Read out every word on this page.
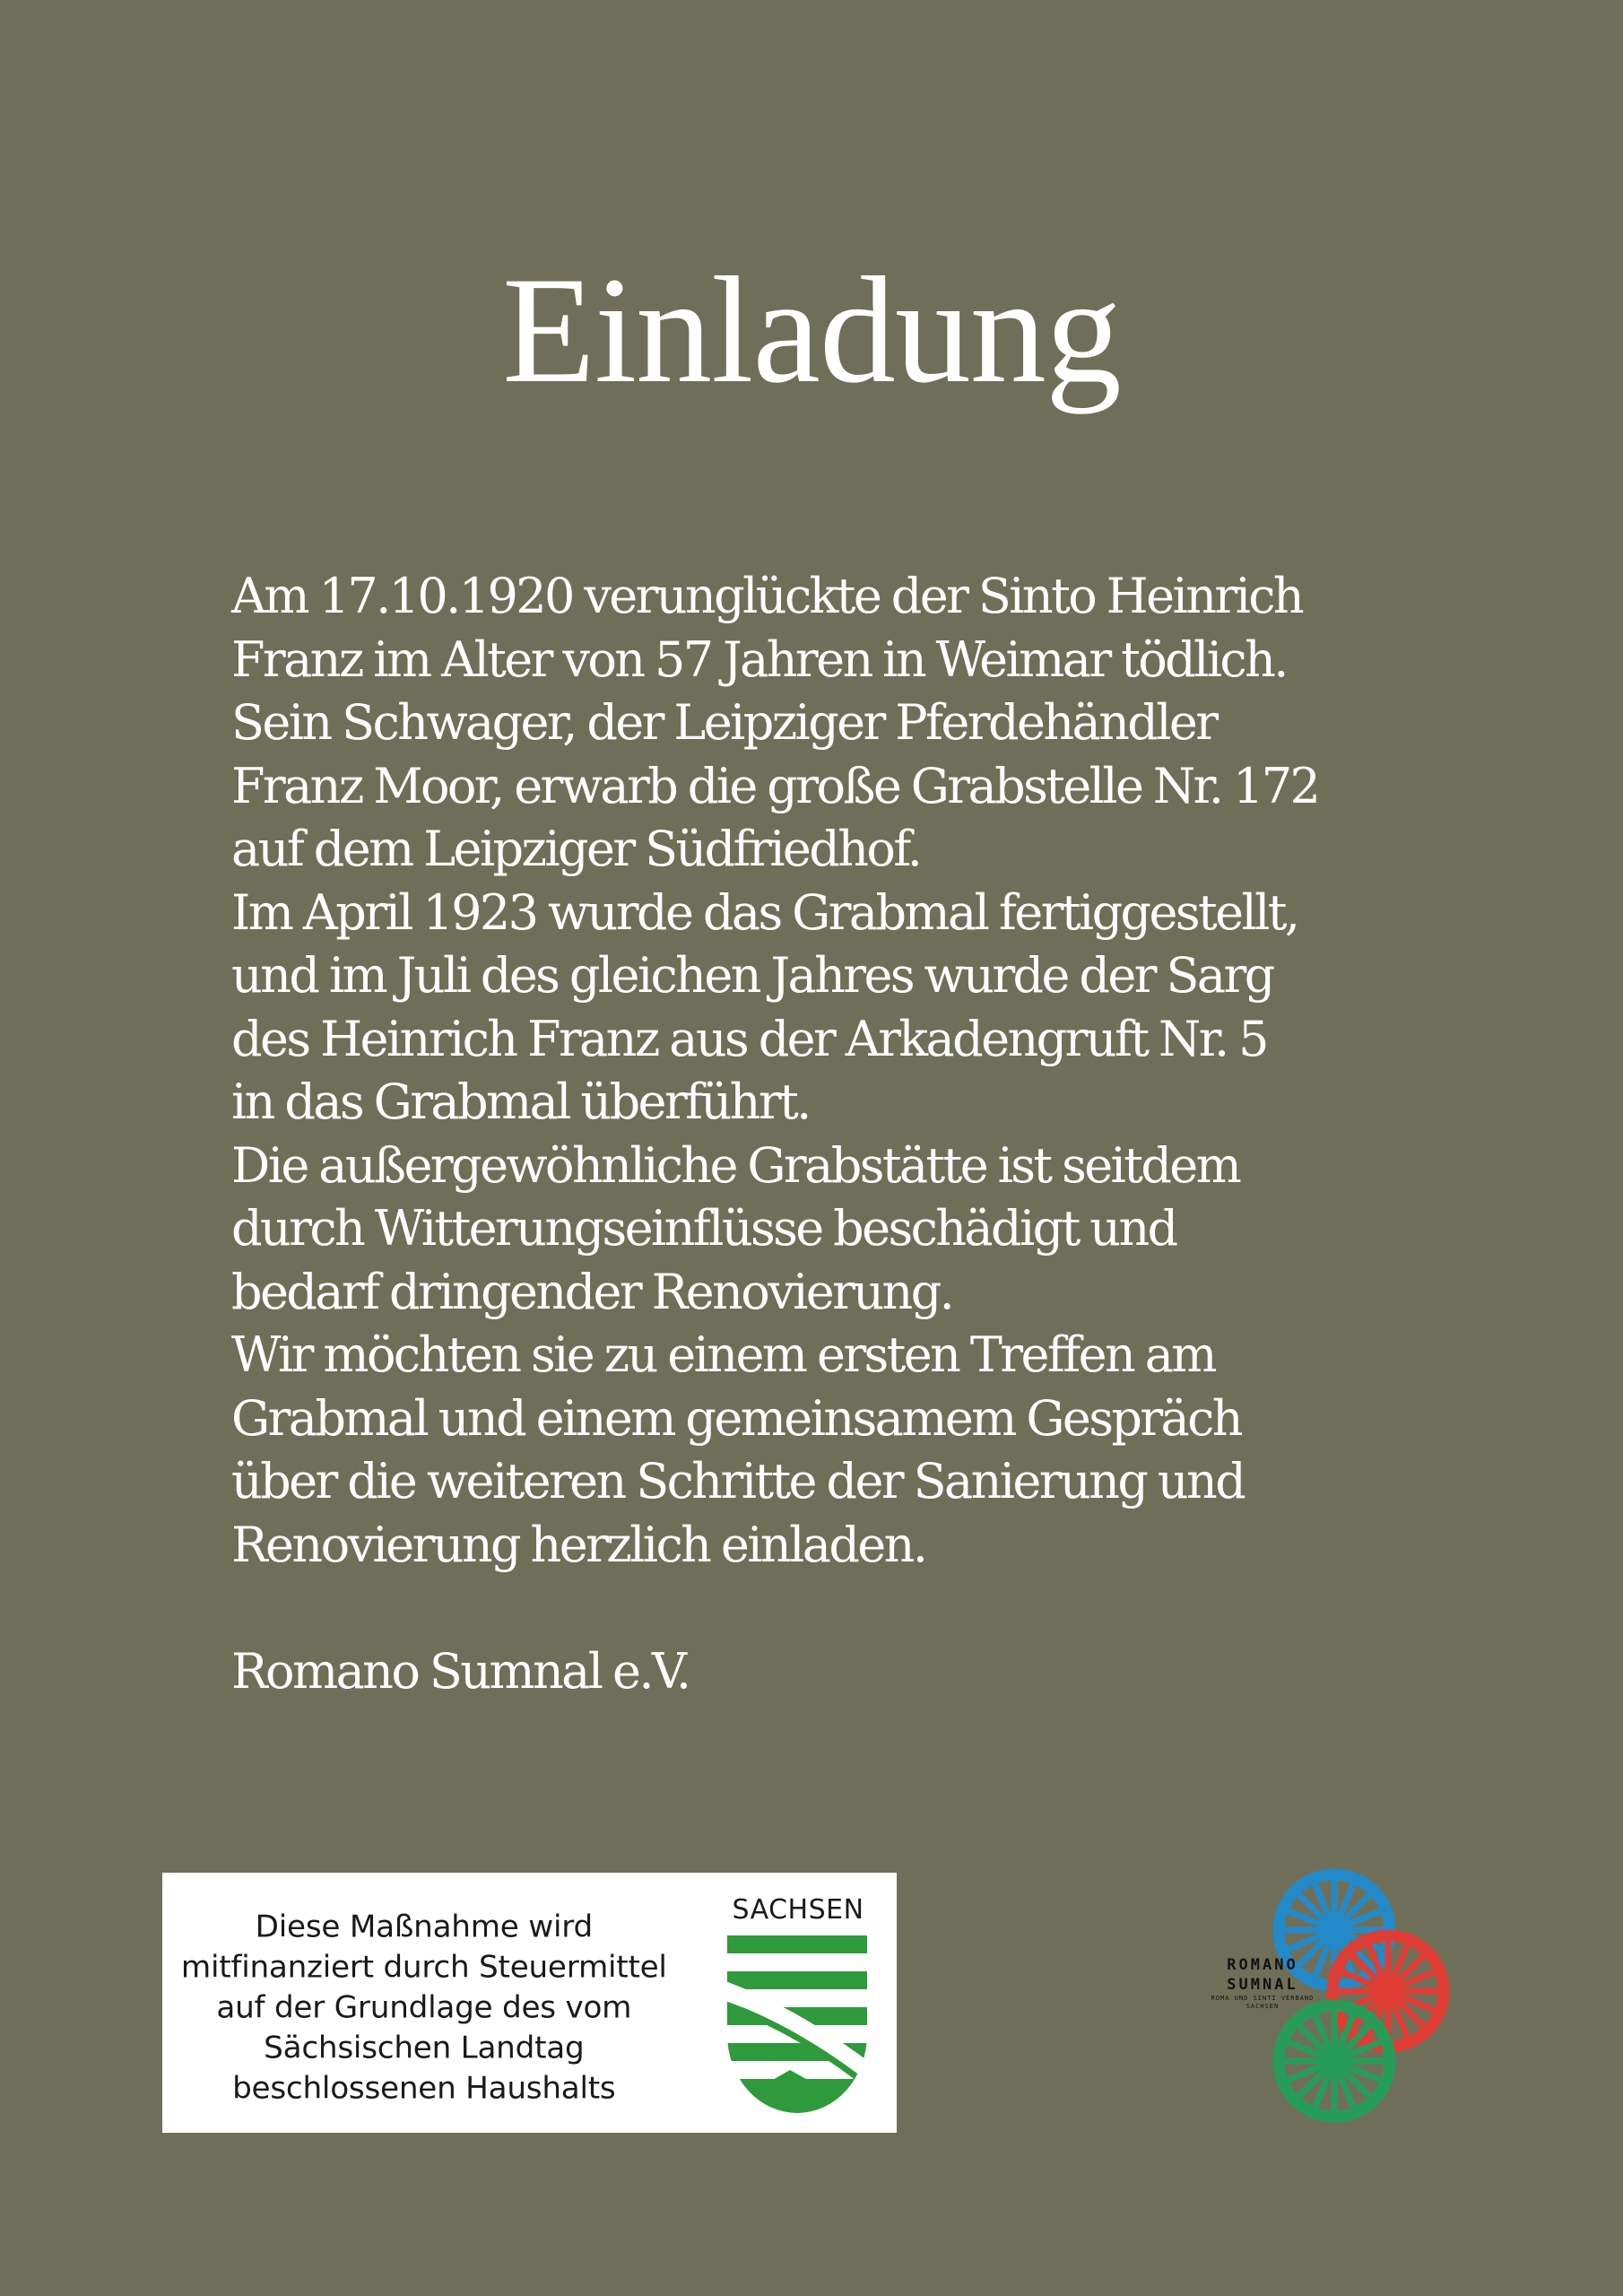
Einladung
Am 17.10.1920 verunglückte der Sinto Heinrich
Franz im Alter von 57 Jahren in Weimar tödlich.
Sein Schwager, der Leipziger Pferdehändler
Franz Moor, erwarb die große Grabstelle Nr. 172
auf dem Leipziger Südfriedhof.
Im April 1923 wurde das Grabmal fertiggestellt,
und im Juli des gleichen Jahres wurde der Sarg
des Heinrich Franz aus der Arkadengruft Nr. 5
in das Grabmal überführt.
Die außergewöhnliche Grabstätte ist seitdem
durch Witterungseinflüsse beschädigt und
bedarf dringender Renovierung.
Wir möchten sie zu einem ersten Treffen am
Grabmal und einem gemeinsamem Gespräch
über die weiteren Schritte der Sanierung und
Renovierung herzlich einladen.
Romano Sumnal e.V.
Diese Maßnahme wird
mitfinanziert durch Steuermittel
auf der Grundlage des vom
Sächsischen Landtag
beschlossenen Haushalts
SACHSEN
ROMANO SUMNAL
ROMA UND SINTI VERBAND SACHSEN
